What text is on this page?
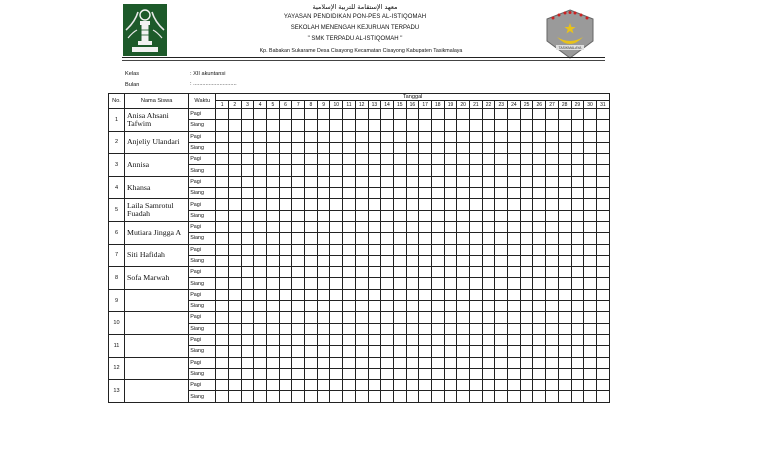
معهد الإستقامة للتربية الإسلامية
YAYASAN PENDIDIKAN PON-PES AL-ISTIQOMAH
SEKOLAH MENENGAH KEJURUAN TERPADU
" SMK TERPADU AL-ISTIQOMAH "
Kp. Babakan Sukarame Desa Cisayong Kecamatan Cisayong Kabupaten Tasikmalaya	TASIKMALAYA
Kelas	: XII akuntansi
Bulan	: ............................
No.	Nama Siswa	Waktu	Tanggal																														
			1	2	3	4	5	6	7	8	9	10	11	12	13	14	15	16	17	18	19	20	21	22	23	24	25	26	27	28	29	30	31
1	Anisa Ahsani Tafwim	Pagi																															
		Siang																															
2	Anjeliy Ulandari	Pagi																															
		Siang																															
3	Annisa	Pagi																															
		Siang																															
4	Khansa	Pagi																															
		Siang																															
5	Laila Samrotul Fuadah	Pagi																															
		Siang																															
6	Mutiara Jingga A	Pagi																															
		Siang																															
7	Siti Hafidah	Pagi																															
		Siang																															
8	Sofa Marwah	Pagi																															
		Siang																															
9		Pagi																															
		Siang																															
10		Pagi																															
		Siang																															
11		Pagi																															
		Siang																															
12		Pagi																															
		Siang																															
13		Pagi																															
		Siang																															
